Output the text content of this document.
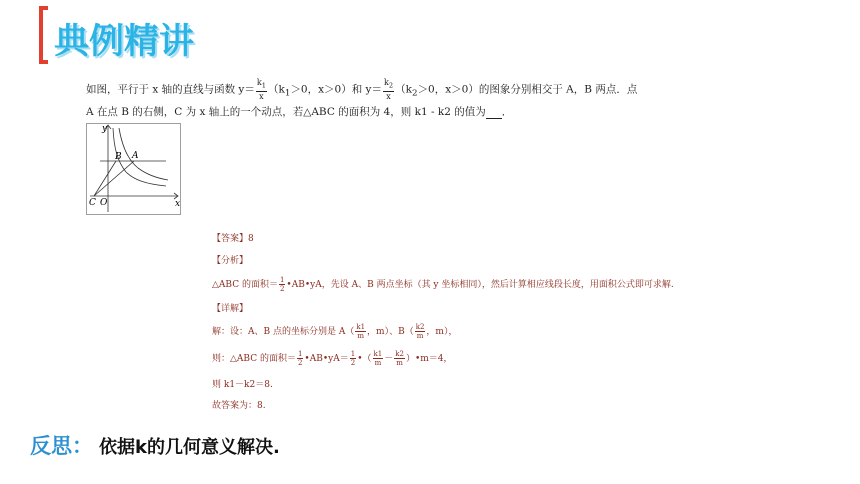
典例精讲
如图，平行于 x 轴的直线与函数 $y= \frac{k_1}{x} (k_1>0$，x＞0）和 $y= \frac{k_2}{x} (k_2>0$，x＞0）的图象分别相交于 A，B 两点．点
A 在点 B 的右侧，C 为 x 轴上的一个动点，若△ABC 的面积为 4，则 k1 - k2 的值为 ．
y
x
B A
C O
【答案】8
【分析】
△ABC 的面积＝ $\frac{1}{2}$ •AB•yA，先设 A、B 两点坐标（其 y 坐标相同），然后计算相应线段长度，用面积公式即可求解.
【详解】
解：设：A、B 点的坐标分别是 $A( \frac{k1}{m}$ ，m）、$B( \frac{k2}{m}$ ，m），
则：△ABC 的面积＝ $\frac{1}{2}$ •AB•yA＝ $\frac{1}{2}$ •（ $\frac{k1}{m} - \frac{k2}{m}$ ）•m＝4，
则 k1－k2＝8.
故答案为：8.
反思： 依据k的几何意义解决.
